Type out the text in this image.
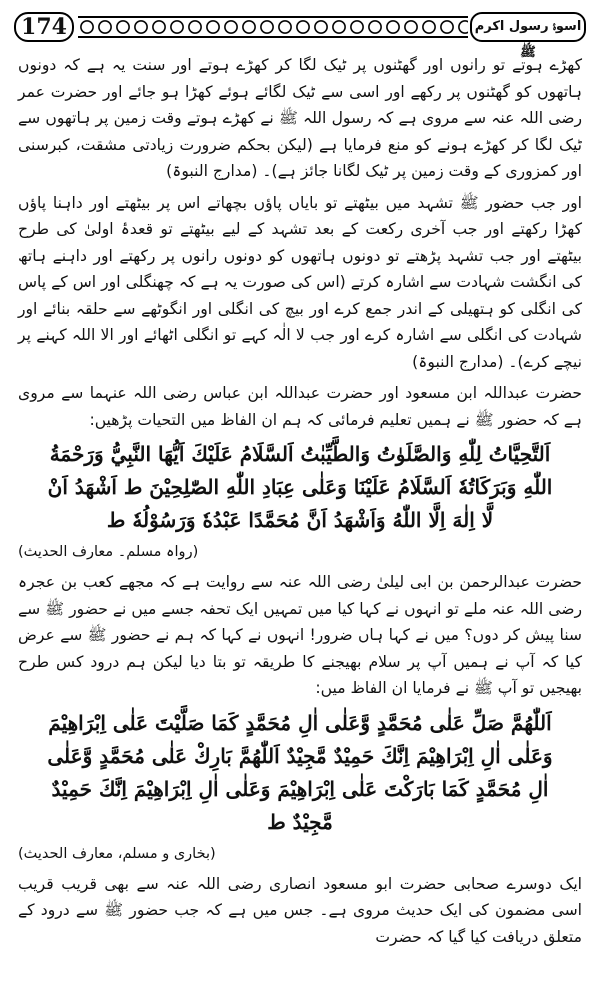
174	اسوۂ رسول اکرم ﷺ

کھڑے ہوتے تو رانوں اور گھٹنوں پر ٹیک لگا کر کھڑے ہوتے اور سنت یہ ہے کہ دونوں ہاتھوں کو گھٹنوں پر رکھے اور اسی سے ٹیک لگائے ہوئے کھڑا ہو جائے اور حضرت عمر رضی اللہ عنہ سے مروی ہے کہ رسول اللہ ﷺ نے کھڑے ہوتے وقت زمین پر ہاتھوں سے ٹیک لگا کر کھڑے ہونے کو منع فرمایا ہے (لیکن بحکم ضرورت زیادتی مشقت، کبرسنی اور کمزوری کے وقت زمین پر ٹیک لگانا جائز ہے)۔ (مدارج النبوۃ)

اور جب حضور ﷺ تشہد میں بیٹھتے تو بایاں پاؤں بچھاتے اس پر بیٹھتے اور داہنا پاؤں کھڑا رکھتے اور جب آخری رکعت کے بعد تشہد کے لیے بیٹھتے تو قعدۂ اولیٰ کی طرح بیٹھتے اور جب تشہد پڑھتے تو دونوں ہاتھوں کو دونوں رانوں پر رکھتے اور داہنے ہاتھ کی انگشت شہادت سے اشارہ کرتے (اس کی صورت یہ ہے کہ چھنگلی اور اس کے پاس کی انگلی کو ہتھیلی کے اندر جمع کرے اور بیچ کی انگلی اور انگوٹھے سے حلقہ بنائے اور شہادت کی انگلی سے اشارہ کرے اور جب لا الٰہ کہے تو انگلی اٹھائے اور الا اللہ کہنے پر نیچے کرے)۔ (مدارج النبوۃ)

حضرت عبداللہ ابن مسعود اور حضرت عبداللہ ابن عباس رضی اللہ عنہما سے مروی ہے کہ حضور ﷺ نے ہمیں تعلیم فرمائی کہ ہم ان الفاظ میں التحیات پڑھیں:

اَلتَّحِيَّاتُ لِلّٰهِ وَالصَّلَوٰتُ وَالطَّيِّبٰتُ اَلسَّلَامُ عَلَيْكَ اَيُّهَا النَّبِيُّ وَرَحْمَةُ اللّٰهِ وَبَرَكَاتُهٗ اَلسَّلَامُ عَلَيْنَا وَعَلٰى عِبَادِ اللّٰهِ الصّٰلِحِيْنَ ط اَشْهَدُ اَنْ لَّا اِلٰهَ اِلَّا اللّٰهُ وَاَشْهَدُ اَنَّ مُحَمَّدًا عَبْدُهٗ وَرَسُوْلُهٗ ط

(رواہ مسلم۔ معارف الحدیث)

حضرت عبدالرحمن بن ابی لیلیٰ رضی اللہ عنہ سے روایت ہے کہ مجھے کعب بن عجرہ رضی اللہ عنہ ملے تو انہوں نے کہا کیا میں تمہیں ایک تحفہ جسے میں نے حضور ﷺ سے سنا پیش کر دوں؟ میں نے کہا ہاں ضرور! انہوں نے کہا کہ ہم نے حضور ﷺ سے عرض کیا کہ آپ نے ہمیں آپ پر سلام بھیجنے کا طریقہ تو بتا دیا لیکن ہم درود کس طرح بھیجیں تو آپ ﷺ نے فرمایا ان الفاظ میں:

اَللّٰهُمَّ صَلِّ عَلٰى مُحَمَّدٍ وَّعَلٰى اٰلِ مُحَمَّدٍ كَمَا صَلَّيْتَ عَلٰى اِبْرَاهِيْمَ وَعَلٰى اٰلِ اِبْرَاهِيْمَ اِنَّكَ حَمِيْدٌ مَّجِيْدٌ اَللّٰهُمَّ بَارِكْ عَلٰى مُحَمَّدٍ وَّعَلٰى اٰلِ مُحَمَّدٍ كَمَا بَارَكْتَ عَلٰى اِبْرَاهِيْمَ وَعَلٰى اٰلِ اِبْرَاهِيْمَ اِنَّكَ حَمِيْدٌ مَّجِيْدٌ ط

(بخاری و مسلم، معارف الحدیث)

ایک دوسرے صحابی حضرت ابو مسعود انصاری رضی اللہ عنہ سے بھی قریب قریب اسی مضمون کی ایک حدیث مروی ہے۔ جس میں ہے کہ جب حضور ﷺ سے درود کے متعلق دریافت کیا گیا کہ حضرت
